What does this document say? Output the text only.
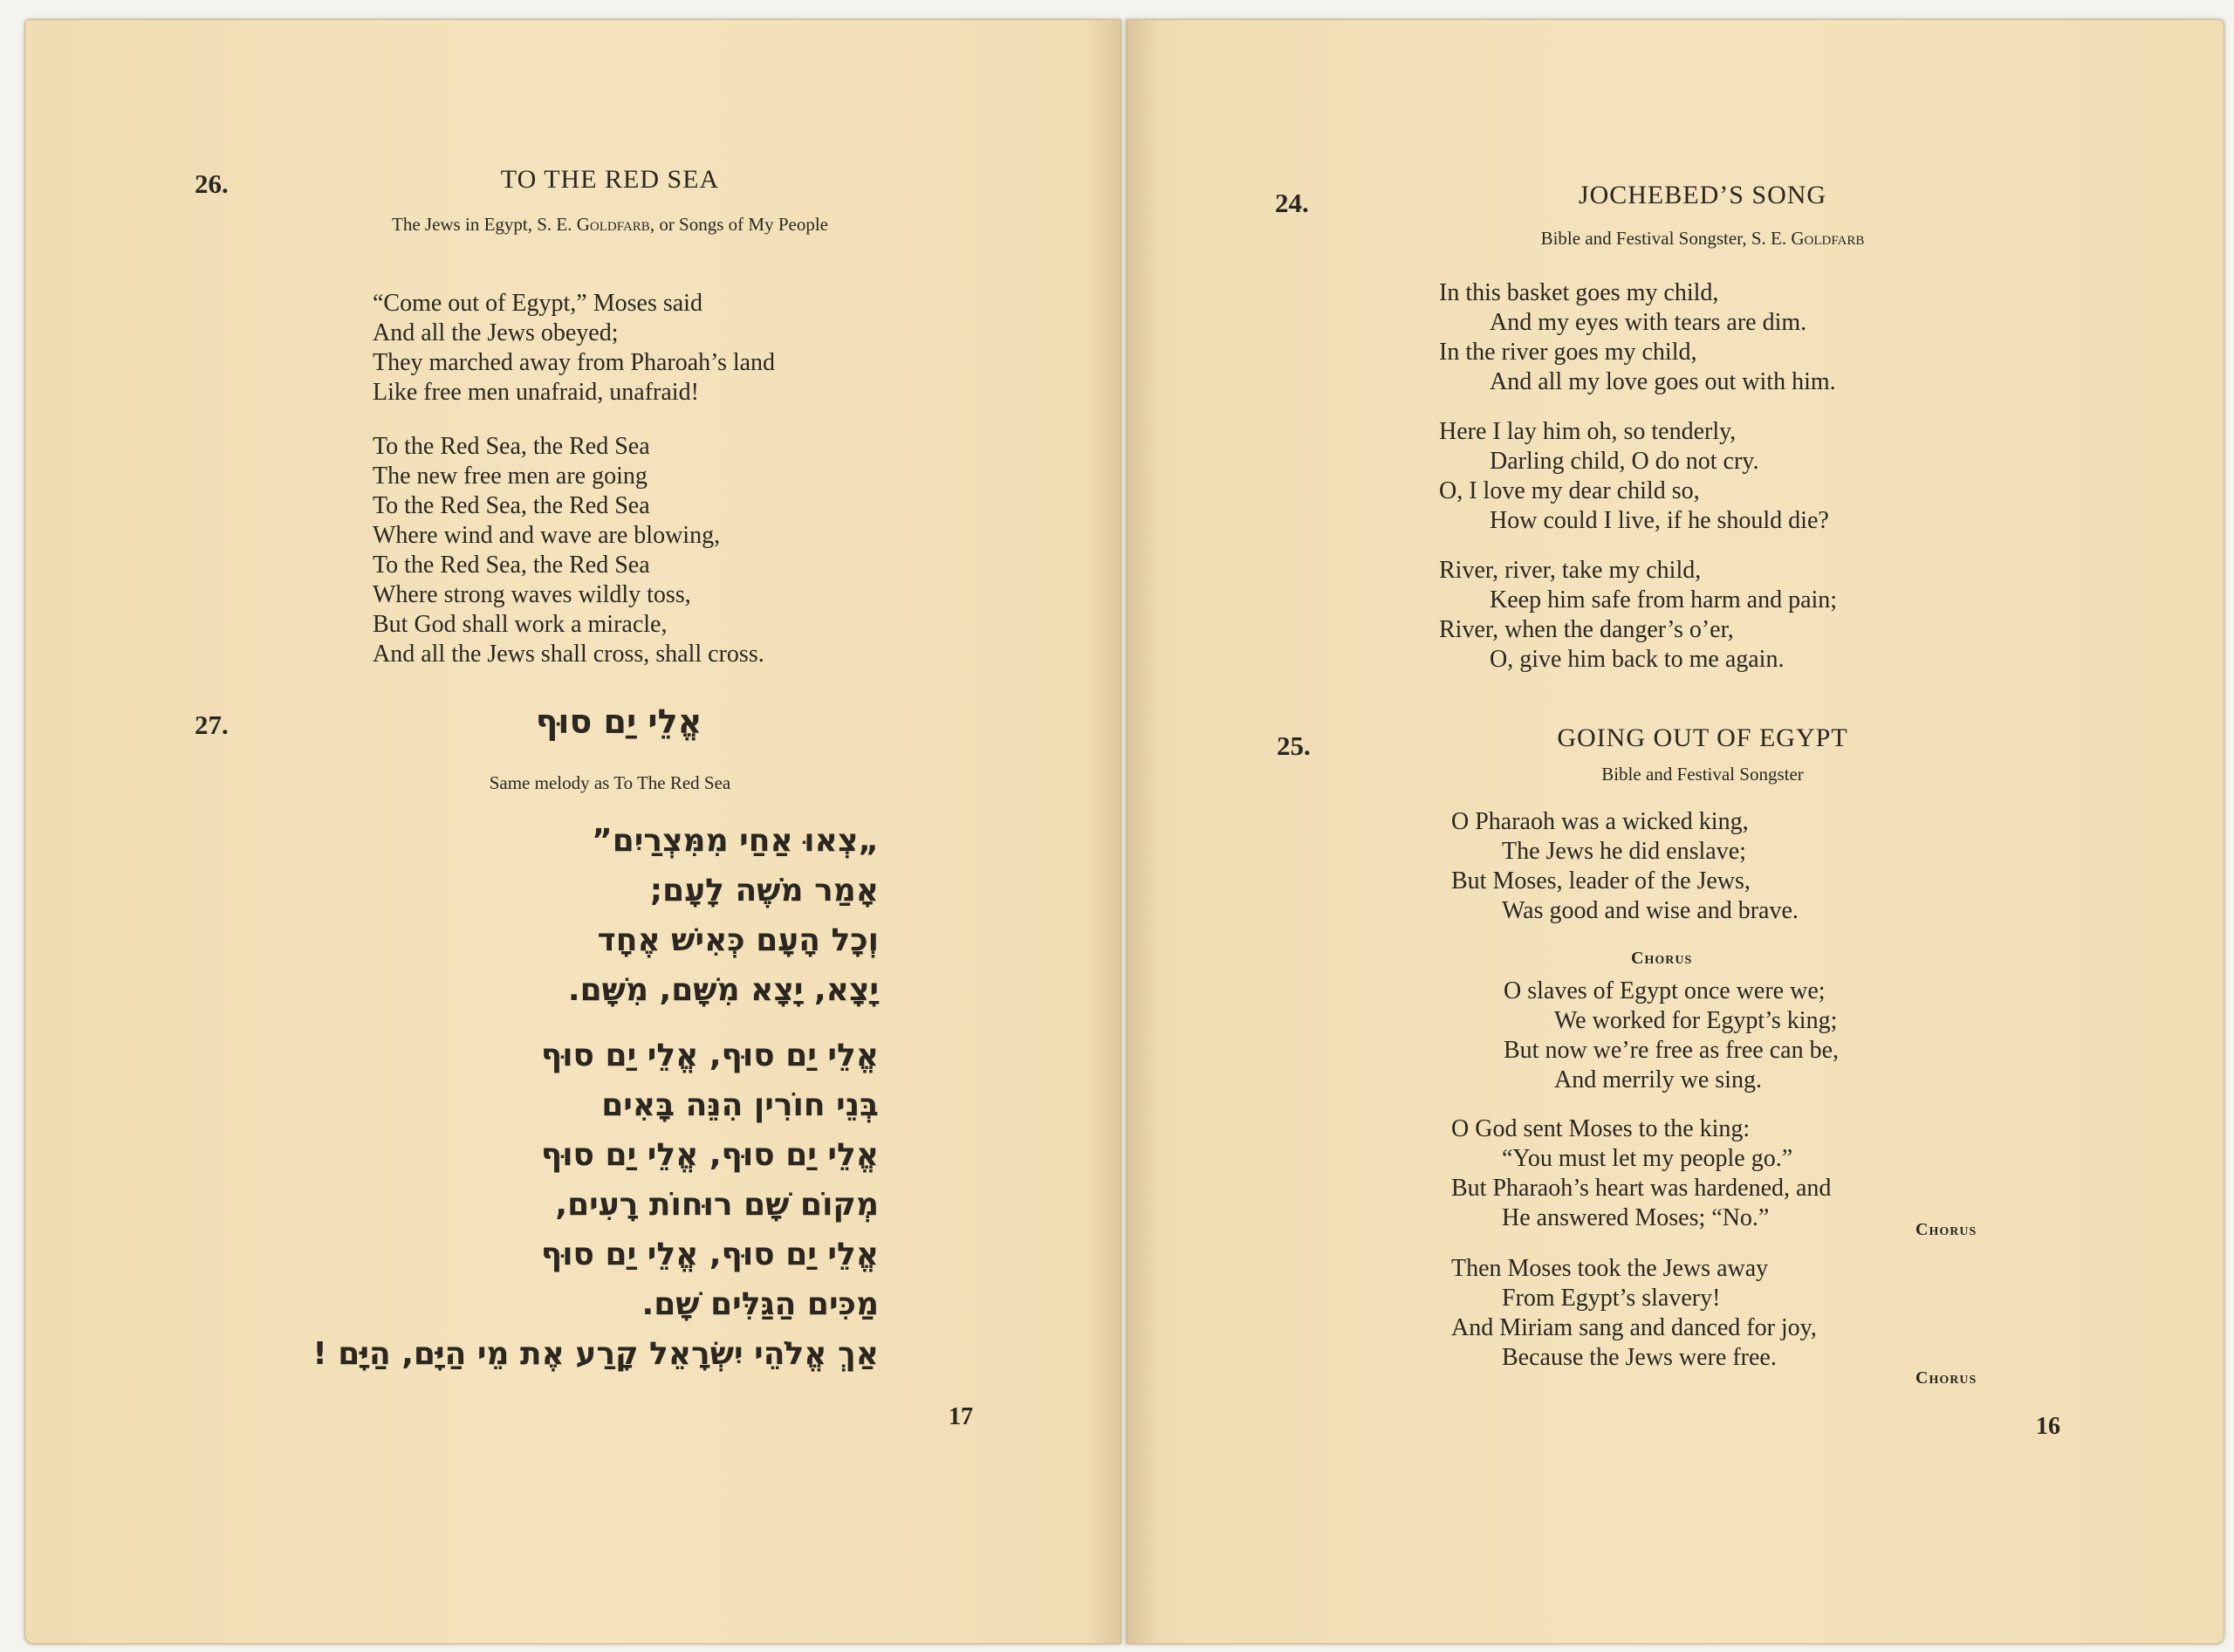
26.	TO THE RED SEA
The Jews in Egypt, S. E. Goldfarb, or Songs of My People
“Come out of Egypt,” Moses said
And all the Jews obeyed;
They marched away from Pharoah’s land
Like free men unafraid, unafraid!
To the Red Sea, the Red Sea
The new free men are going
To the Red Sea, the Red Sea
Where wind and wave are blowing,
To the Red Sea, the Red Sea
Where strong waves wildly toss,
But God shall work a miracle,
And all the Jews shall cross, shall cross.
27.	אֱלֵי יַם סוּף
Same melody as To The Red Sea
„צְאוּ אַחַי מִמִּצְרַיִם”
אָמַר מֹשֶׁה לָעָם;
וְכָל הָעָם כְּאִישׁ אֶחָד
יָצָא, יָצָא מִשָּׁם, מִשָּׁם.
אֱלֵי יַם סוּף, אֱלֵי יַם סוּף
בְּנֵי חוֹרִין הִנֵּה בָּאִים
אֱלֵי יַם סוּף, אֱלֵי יַם סוּף
מְקוֹם שָׁם רוּחוֹת רָעִים,
אֱלֵי יַם סוּף, אֱלֵי יַם סוּף
מַכִּים הַגַּלִּים שָׁם.
אַךְ אֱלֹהֵי יִשְׂרָאֵל קָרַע אֶת מֵי הַיָּם, הַיָּם !
17
24.	JOCHEBED’S SONG
Bible and Festival Songster, S. E. Goldfarb
In this basket goes my child,
And my eyes with tears are dim.
In the river goes my child,
And all my love goes out with him.
Here I lay him oh, so tenderly,
Darling child, O do not cry.
O, I love my dear child so,
How could I live, if he should die?
River, river, take my child,
Keep him safe from harm and pain;
River, when the danger’s o’er,
O, give him back to me again.
25.	GOING OUT OF EGYPT
Bible and Festival Songster
O Pharaoh was a wicked king,
The Jews he did enslave;
But Moses, leader of the Jews,
Was good and wise and brave.
Chorus
O slaves of Egypt once were we;
We worked for Egypt’s king;
But now we’re free as free can be,
And merrily we sing.
O God sent Moses to the king:
“You must let my people go.”
But Pharaoh’s heart was hardened, and
He answered Moses; “No.”	Chorus
Then Moses took the Jews away
From Egypt’s slavery!
And Miriam sang and danced for joy,
Because the Jews were free.
Chorus
16
